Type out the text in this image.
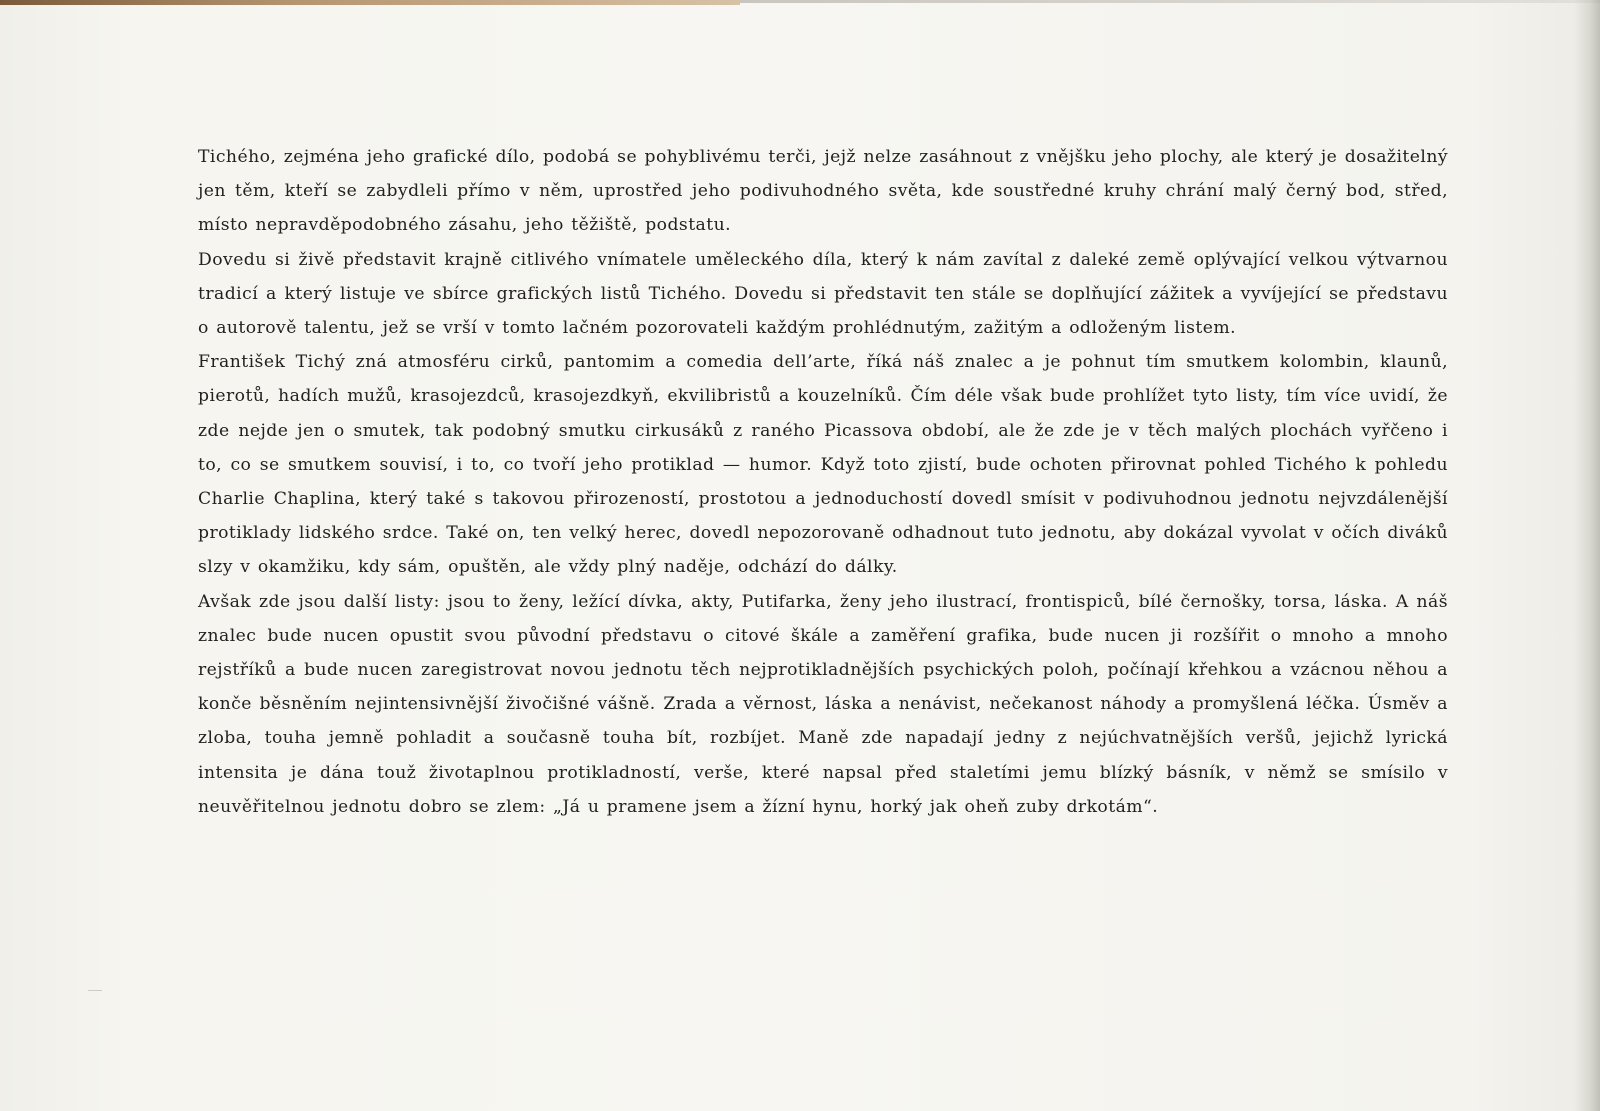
Tichého, zejména jeho grafické dílo, podobá se pohyblivému terči, jejž nelze zasáhnout z vnějšku jeho plochy, ale který je dosažitelný jen těm, kteří se zabydleli přímo v něm, uprostřed jeho podivuhodného světa, kde soustředné kruhy chrání malý černý bod, střed, místo nepravděpodobného zásahu, jeho těžiště, podstatu.

Dovedu si živě představit krajně citlivého vnímatele uměleckého díla, který k nám zavítal z daleké země oplývající velkou výtvarnou tradicí a který listuje ve sbírce grafických listů Tichého. Dovedu si představit ten stále se doplňující zážitek a vyvíjející se představu o autorově talentu, jež se vrší v tomto lačném pozorovateli každým prohlédnutým, zažitým a odloženým listem.

František Tichý zná atmosféru cirků, pantomim a comedia dell’arte, říká náš znalec a je pohnut tím smutkem kolombin, klaunů, pierotů, hadích mužů, krasojezdců, krasojezdkyň, ekvilibristů a kouzelníků. Čím déle však bude prohlížet tyto listy, tím více uvidí, že zde nejde jen o smutek, tak podobný smutku cirkusáků z raného Picassova období, ale že zde je v těch malých plochách vyřčeno i to, co se smutkem souvisí, i to, co tvoří jeho protiklad — humor. Když toto zjistí, bude ochoten přirovnat pohled Tichého k pohledu Charlie Chaplina, který také s takovou přirozeností, prostotou a jednoduchostí dovedl smísit v podivuhodnou jednotu nejvzdálenější protiklady lidského srdce. Také on, ten velký herec, dovedl nepozorovaně odhadnout tuto jednotu, aby dokázal vyvolat v očích diváků slzy v okamžiku, kdy sám, opuštěn, ale vždy plný naděje, odchází do dálky.

Avšak zde jsou další listy: jsou to ženy, ležící dívka, akty, Putifarka, ženy jeho ilustrací, frontispiců, bílé černošky, torsa, láska. A náš znalec bude nucen opustit svou původní představu o citové škále a zaměření grafika, bude nucen ji rozšířit o mnoho a mnoho rejstříků a bude nucen zaregistrovat novou jednotu těch nejprotikladnějších psychických poloh, počínají křehkou a vzácnou něhou a konče běsněním nejintensivnější živočišné vášně. Zrada a věrnost, láska a nenávist, nečekanost náhody a promyšlená léčka. Úsměv a zloba, touha jemně pohladit a současně touha bít, rozbíjet. Maně zde napadají jedny z nejúchvatnějších veršů, jejichž lyrická intensita je dána touž životaplnou protikladností, verše, které napsal před staletími jemu blízký básník, v němž se smísilo v neuvěřitelnou jednotu dobro se zlem: „Já u pramene jsem a žízní hynu, horký jak oheň zuby drkotám“.
